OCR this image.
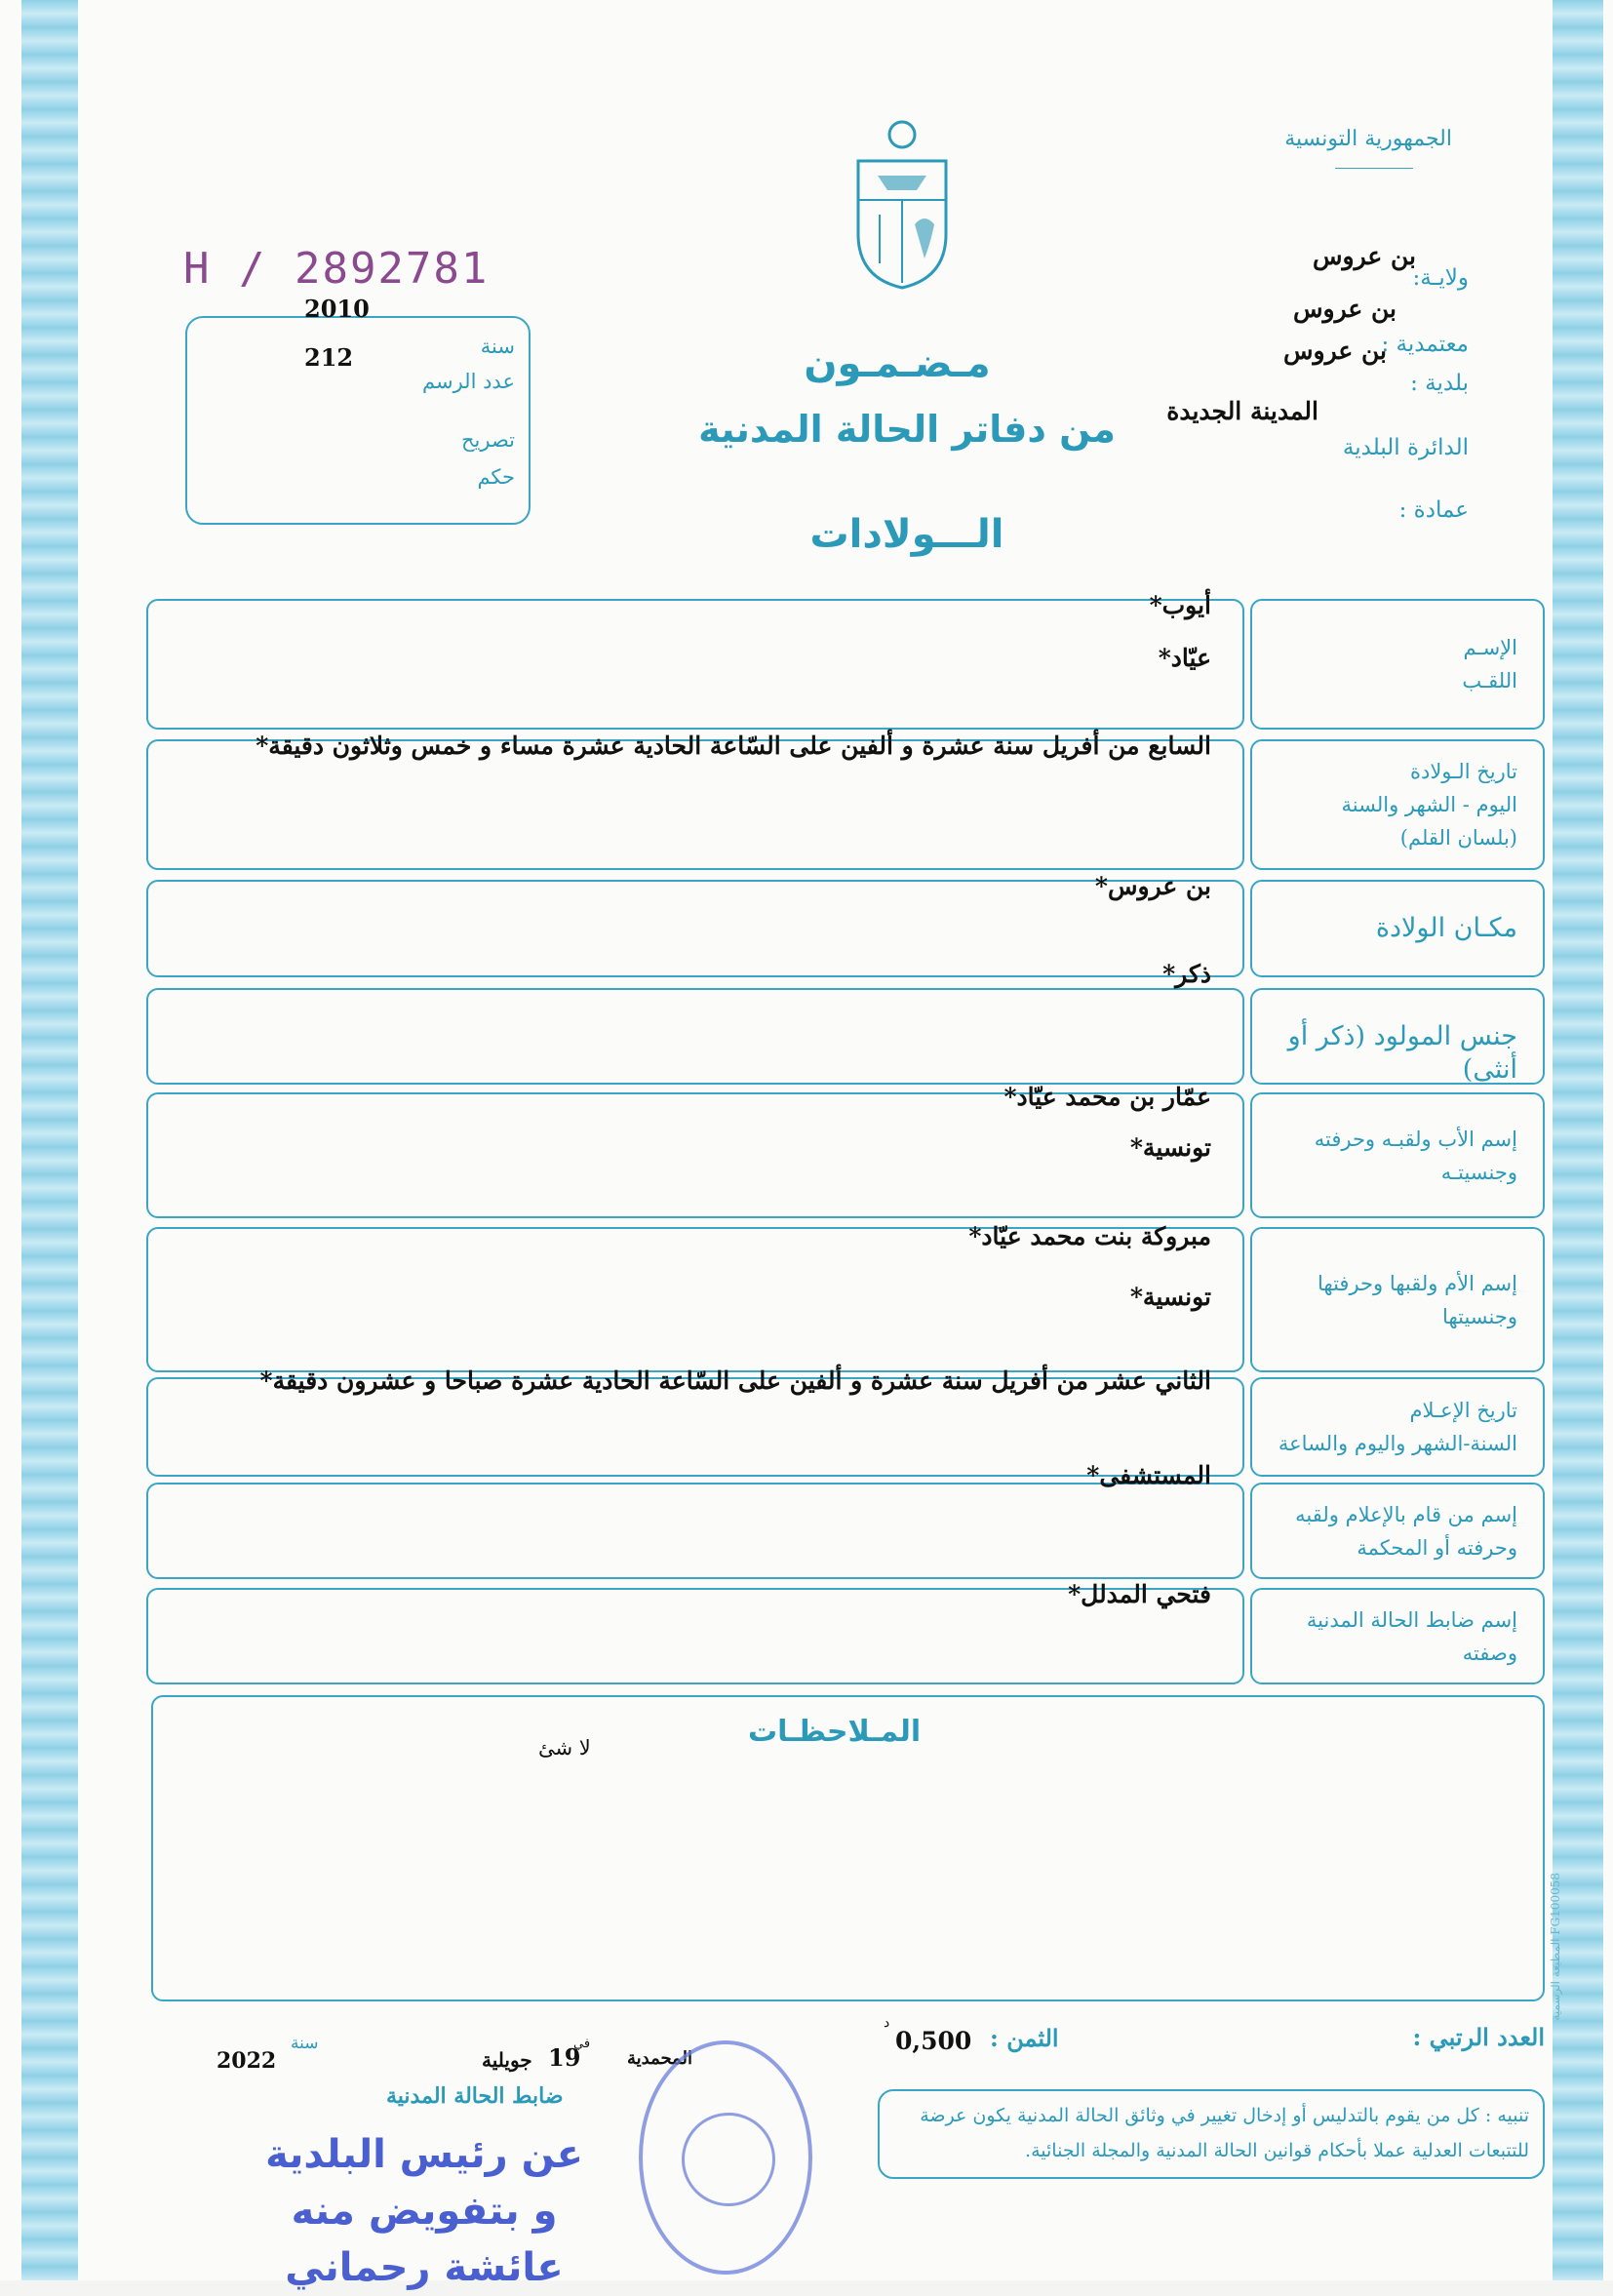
الجمهورية التونسية
H / 2892781
سنة
عدد الرسم
تصريح
حكم
212
2010
مـضـمـون
من دفاتر الحالة المدنية
الـــولادات
ولايـة:
بن عروس
بن عروس
معتمدية :
بن عروس
بلدية :
المدينة الجديدة
الدائرة البلدية
عمادة :
الإسـم
اللقـب
أيوب*
عيّاد*
تاريخ الـولادة
اليوم - الشهر والسنة
(بلسان القلم)
السابع من أفريل سنة عشرة و ألفين على السّاعة الحادية عشرة مساء و خمس وثلاثون دقيقة*
مكـان الولادة
بن عروس*
جنس المولود (ذكر أو أنثى)
ذكر*
إسم الأب ولقبـه وحرفته
وجنسيتـه
عمّار بن محمد عيّاد*
تونسية*
إسم الأم ولقبها وحرفتها
وجنسيتها
مبروكة بنت محمد عيّاد*
تونسية*
تاريخ الإعـلام
السنة-الشهر واليوم والساعة
الثاني عشر من أفريل سنة عشرة و ألفين على السّاعة الحادية عشرة صباحا و عشرون دقيقة*
إسم من قام بالإعلام ولقبه
وحرفته أو المحكمة
المستشفى*
إسم ضابط الحالة المدنية
وصفته
فتحي المدلل*
المـلاحظـات
لا شئ
المطبعة الرسمية FG100058
العدد الرتبي :
الثمن :
0,500
د
تنبيه : كل من يقوم بالتدليس أو إدخال تغيير في وثائق الحالة المدنية يكون عرضة
للتتبعات العدلية عملا بأحكام قوانين الحالة المدنية والمجلة الجنائية.
المحمدية
في
19
جويلية
سنة
2022
ضابط الحالة المدنية
عن رئيس البلدية
و بتفويض منه
عائشة رحماني
